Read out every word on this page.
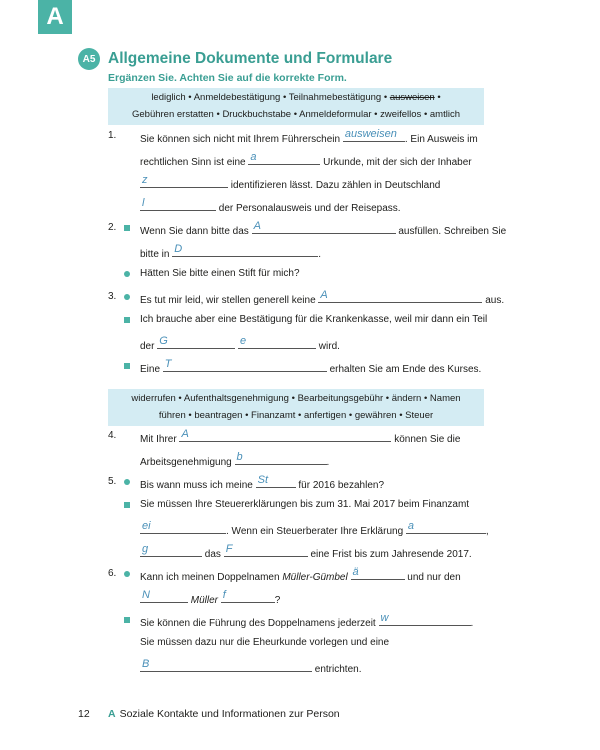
A
A5 Allgemeine Dokumente und Formulare
Ergänzen Sie. Achten Sie auf die korrekte Form.
lediglich • Anmeldebestätigung • Teilnahmebestätigung • ausweisen •
Gebühren erstatten • Druckbuchstabe • Anmeldeformular • zweifellos • amtlich
1. Sie können sich nicht mit Ihrem Führerschein ausweisen . Ein Ausweis im
rechtlichen Sinn ist eine a	Urkunde, mit der sich der Inhaber
z	identifizieren lässt. Dazu zählen in Deutschland
l	der Personalausweis und der Reisepass.
2. Wenn Sie dann bitte das A	ausfüllen. Schreiben Sie
bitte in D	.
Hätten Sie bitte einen Stift für mich?
3. Es tut mir leid, wir stellen generell keine A	aus.
Ich brauche aber eine Bestätigung für die Krankenkasse, weil mir dann ein Teil
der G
	e	wird.
Eine T	erhalten Sie am Ende des Kurses.
widerrufen • Aufenthaltsgenehmigung • Bearbeitungsgebühr • ändern • Namen
führen • beantragen • Finanzamt • anfertigen • gewähren • Steuer
4. Mit Ihrer A	können Sie die
Arbeitsgenehmigung b	.
5. Bis wann muss ich meine St	für 2016 bezahlen?
Sie müssen Ihre Steuererklärungen bis zum 31. Mai 2017 beim Finanzamt
ei	. Wenn ein Steuerberater Ihre Erklärung a	,
g	das F	eine Frist bis zum Jahresende 2017.
6. Kann ich meinen Doppelnamen Müller-Gümbel ä	und nur den
N	Müller f	?
Sie können die Führung des Doppelnamens jederzeit w	.
Sie müssen dazu nur die Eheurkunde vorlegen und eine
B	entrichten.
12 A Soziale Kontakte und Informationen zur Person
